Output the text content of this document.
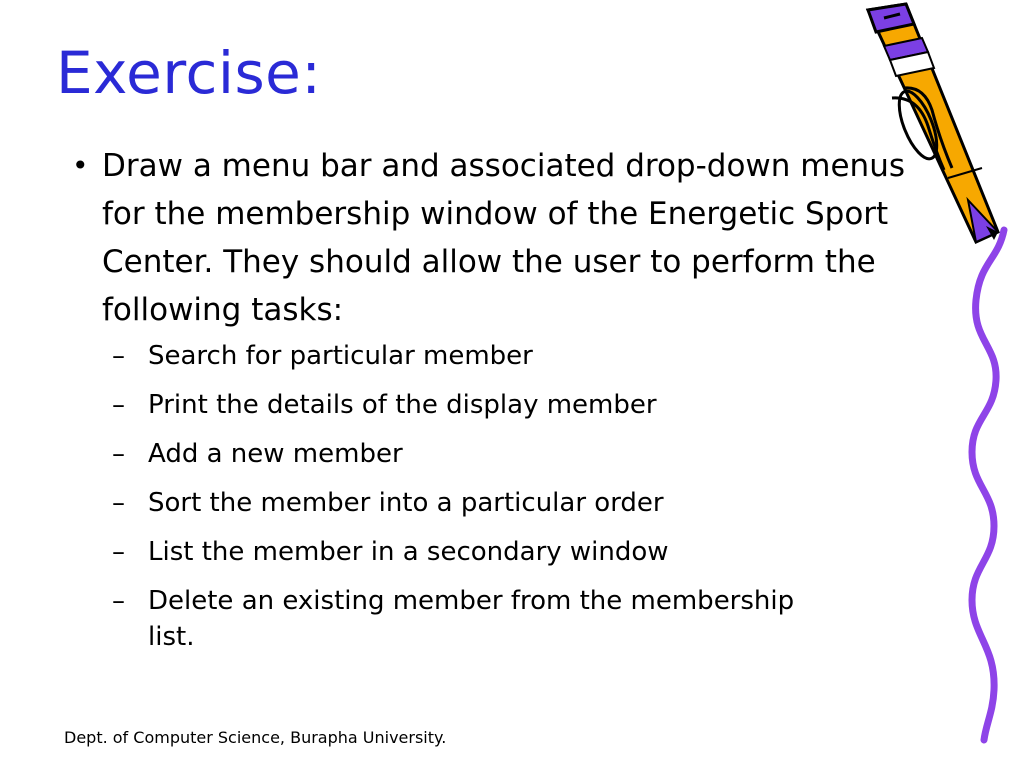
Exercise:
• Draw a menu bar and associated drop-down menus for the membership window of the Energetic Sport Center. They should allow the user to perform the following tasks:
– Search for particular member
– Print the details of the display member
– Add a new member
– Sort the member into a particular order
– List the member in a secondary window
– Delete an existing member from the membership list.
Dept. of Computer Science, Burapha University.
